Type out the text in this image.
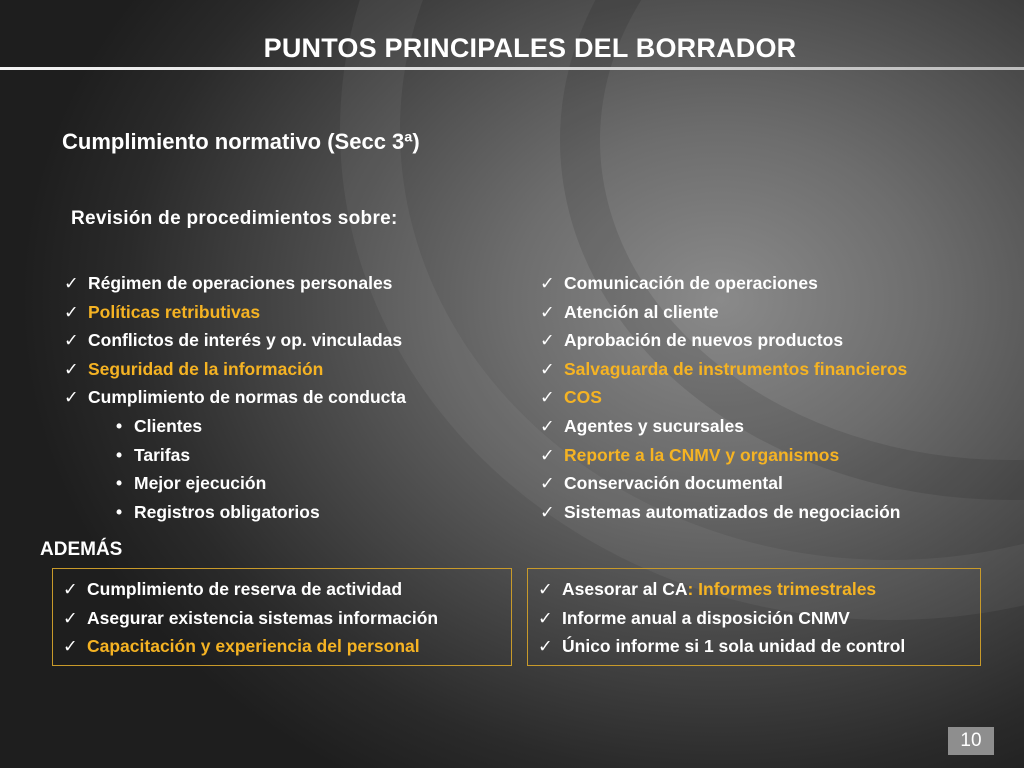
PUNTOS PRINCIPALES DEL BORRADOR
Cumplimiento normativo (Secc 3ª)
Revisión de procedimientos sobre:
✓ Régimen de operaciones personales
✓ Políticas retributivas
✓ Conflictos de interés y op. vinculadas
✓ Seguridad de la información
✓ Cumplimiento de normas de conducta
• Clientes
• Tarifas
• Mejor ejecución
• Registros obligatorios
✓ Comunicación de operaciones
✓ Atención al cliente
✓ Aprobación de nuevos productos
✓ Salvaguarda de instrumentos financieros
✓ COS
✓ Agentes y sucursales
✓ Reporte a la CNMV y organismos
✓ Conservación documental
✓ Sistemas automatizados de negociación
ADEMÁS
✓ Cumplimiento de reserva de actividad
✓ Asegurar existencia sistemas información
✓ Capacitación y experiencia del personal
✓ Asesorar al CA: Informes trimestrales
✓ Informe anual a disposición CNMV
✓ Único informe si 1 sola unidad de control
10
